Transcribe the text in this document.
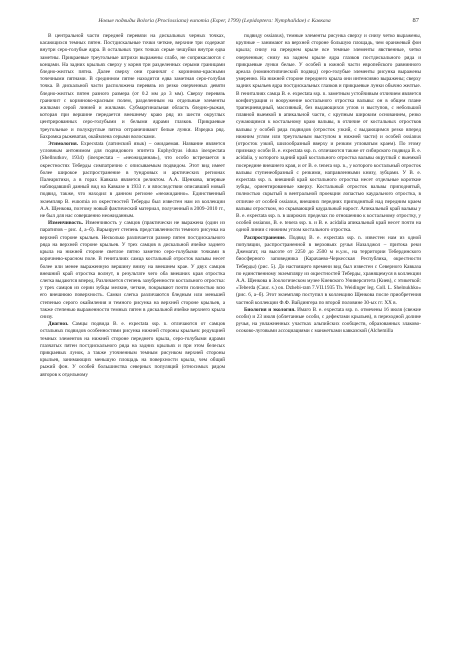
Новые подвиды Boloria (Proclossiana) eunomia (Esper, 1799) (Lepidoptera: Nymphalidae) с Кавказа	87

В центральной части передней перевязи на дискальных черных точках, касающихся темных пятен. Постдискальные точки четкие, верхние три содержат внутри серо-голубые ядра. В остальных трех точках серые чешуйки внутри едва заметны. Прикраевые треугольные штрихи выражены слабо, не соприкасаются с концами. На задних крыльях сверху у корня три разделенных серыми границами бледно-желтых пятна. Далее сверху они граничат с корзиново-красными точечными пятнами. В срединном пятне находится едва заметная серо-голубая точка. В дискальной части расположена перевязь из резко очерченных девяти бледно-желтых пятен разного размера (от 0.2 мм до 3 мм). Сверху перевязь граничит с корзиново-красным полем, разделенным на отдельные элементы жилками серой линией и жилками. Субмаргинальная область бледно-рыжая, которая при вершине передается внешнему краю ряд из шести округлых центрированных серо-голубыми и белыми ядрами глазков. Прикраевые треугольные и полукруглые пятна отграничивают белые лунки. Изредка ряд. Бахромка рыжеватая, окаймлена серыми волосками.

Этимология. Ехресstata (латинский язык) – ожидаемая. Название является условным антонимом для подвидового эпитета Euphydryas iduna inexpectata (Shellnutkov, 1934) (inexpectata – «неожиданная»), что особо встречается в окрестностях Теберды симпатрично с описываемым подвидом. Этот вид имеет более широкое распространение в тундровых и арктических регионах Палеарктики, а в горах Кавказа является реликтом. А.А. Щенкова, впервые наблюдавший данный вид на Кавказе в 1933 г. и впоследствии описавший новый подвид, также, что находил в данном регионе «неожиданно». Единственный экземпляр B. eunomia из окрестностей Теберды был известен нам из коллекции А.А. Щенкова, поэтому новый фактический материал, полученный в 2009–2010 гг., не был для нас совершенно неожиданным.

Изменчивость. Изменчивость у самцов (практически не выражена (один из паратипов – рис. 4, а–б). Варьирует степень представленности темного рисунка на верхней стороне крыльев. Несколько различается размер пятен постдискального ряда на верхней стороне крыльев. У трех самцов в дискальной ячейке заднего крыла на нижней стороне светлое пятно заметно серо-голубыми точками в коричнево-красном поле. В гениталиях самца костальный отросток вальвы несет более или менее выраженную вершину внизу на внешнем крае. У двух самцов внешний край отростка волнут, в результате чего оба внешних края отростка слегка выдаются вперед. Различается степень зазубренности костального отростка: у трех самцов из серии зубцы мелкие, четкие, покрывают почти полностью всю его внешнюю поверхность. Самки слегка различаются бледным или меньшей степенью серого окаймления и темного рисунка на верхней стороне крыльев, а также степенью выраженности темных пятен в дискальной ячейке верхнего крыла снизу.

Диагноз. Самцы подвида B. e. expectata ssp. n. отличаются от самцов остальных подвидов особенностями рисунка нижней стороны крыльев: редукцией темных элементов на нижней стороне переднего крыла, серо-голубыми ядрами глазчатых пятен постдискального ряда на задних крыльях и при этом белесых прикраевых лунок, а также уточненным темным рисунком верхней стороны крыльев, занимающих меньшую площадь на поверхности крыла, чем общий рыжий фон. У особей большинства северных популяций (относимых рядом авторов к отдельному

подвиду ossianus), темные элементы рисунка сверху и снизу четко выражены, крупные – занимают на верхней стороне большую площадь, чем оранжевый фон крыла; снизу на переднем крыле все темные элементы явственные, четко очерченные; снизу на заднем крыле ядра глазков постдискального ряда и прикраевые лунки белые. У особей в южной части европейского равнинного ареала (номинотипический подвид) серо-голубые элементы рисунка выражены умеренно. На нижней стороне переднего крыла они интенсивно выражены; сверху задних крыльев ядра постдискальных глазков и прикраевые лунки обычно желтые. В гениталиях самца B. e. expectata ssp. n. заметным устойчивым отличием является конфигурация и вооружение костального отростка вальвы: он в общем плане трапециевидный, массивный, без выдающихся углов и выступов, с небольшой плавной выемкой в апикальной части, с крупным широким основанием, резко сужающимся к костальному краю вальвы, в отличие от костальных отростков вальвы у особей ряда подвидов (отросток узкий, с выдающимся резко вперед нижним углом или треугольным выступом в нижней части) и особей ossianus (отросток узкий, шилообразный вверху и резким угловатым краем). По этому признаку особи B. e. expectata ssp. n. отличаются также от сибирского подвида B. e. acidalia, у которого задний край костального отростка вальвы округлый с выемкой посередине внешнего края, и от B. e. tenera ssp. n., у которого костальный отросток вальвы ступенеобразный с резкими, направленными книзу, зубцами. У B. e. expectata ssp. n. внешний край костального отростка несет отдельные короткие зубцы, ориентированные кверху. Костальный отросток вальвы приподнятый, полностью скрытый в вентральной проекции лопастью каудального отростка, в отличие от особей ossianus, внешних передних приподнятый над передним краем вальвы отростком, но скрывающий каудальный нарост. Апикальный край вальвы у B. e. expectata ssp. n. в широких пределах по отношению к костальному отростку, у особей ossianus, B. e. tenera ssp. n. и B. e. acidalia апикальный край несет почти на одной линии с нижним углом костального отростка.

Распространение. Подвид B. e. expectata ssp. n. известен нам из одной популяции, распространенной в верховьях ручья Назалджол – притока реки Джемагат, на высоте от 2250 до 2500 м н.у.м., на территории Тебердинского биосферного заповедника (Карачаево-Черкесская Республика, окрестности Теберды) (рис. 5). До настоящего времени вид был известен с Северного Кавказа по единственному экземпляру из окрестностей Теберды, хранящемуся в коллекции А.А. Щенкова в Зоологическом музее Киевского Университета (Киев), с этикеткой: «Teberda (Cauc. s.) on. Dzhebi-ram 7.VII.1935 Th. Weidinger leg. Coll. L. Shelnukhko» (рис. 6, а–б). Этот экземпляр поступил в коллекцию Щенкова после приобретения частной коллекции Ф.Ф. Вайдингера по второй половине 30-ых гг. XX в.

Биология и экология. Имаго B. e. expectata ssp. n. отмечены 16 июля (свежие особи) и 23 июля (облетанные особи, с дефектами крыльев), в переходной долине ручья, на увлажненных участках альпийских сообществ, образованных злаково-осоково-луговыми ассоциациями с манжетками кавказской (Alchemilla
